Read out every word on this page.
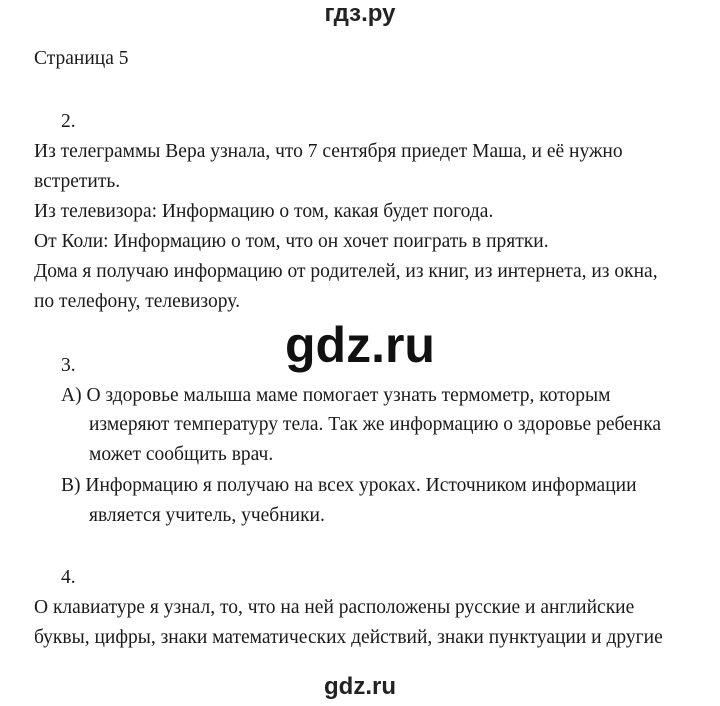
гдз.ру
Страница 5
2.
Из телеграммы Вера узнала, что 7 сентября приедет Маша, и её нужно
встретить.
Из телевизора: Информацию о том, какая будет погода.
От Коли: Информацию о том, что он хочет поиграть в прятки.
Дома я получаю информацию от родителей, из книг, из интернета, из окна,
по телефону, телевизору.
gdz.ru
3.
А) О здоровье малыша маме помогает узнать термометр, которым
измеряют температуру тела. Так же информацию о здоровье ребенка
может сообщить врач.
В) Информацию я получаю на всех уроках. Источником информации
является учитель, учебники.
4.
О клавиатуре я узнал, то, что на ней расположены русские и английские
буквы, цифры, знаки математических действий, знаки пунктуации и другие
gdz.ru
